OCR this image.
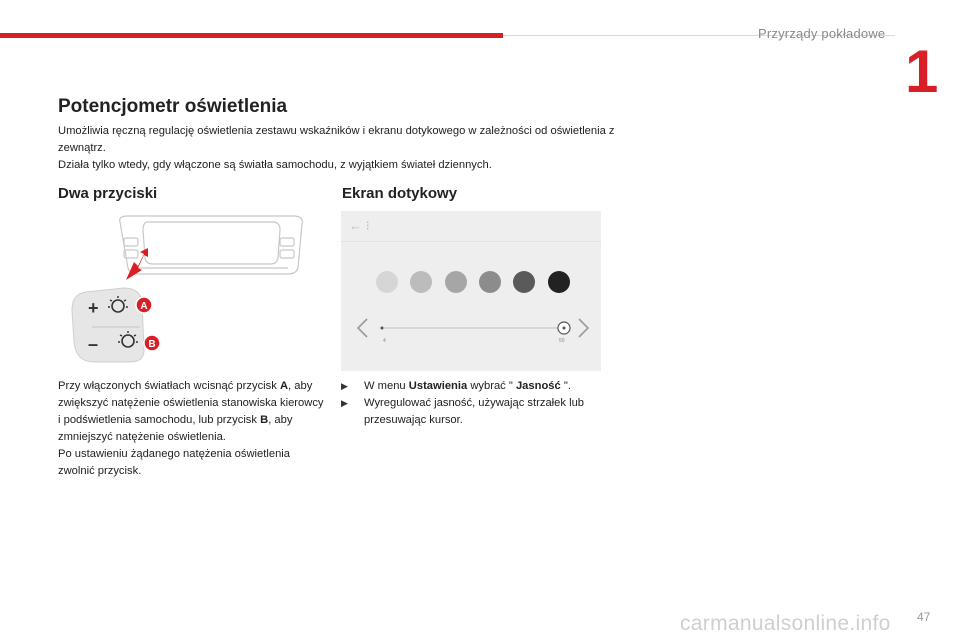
Przyrządy pokładowe
1
Potencjometr oświetlenia

Umożliwia ręczną regulację oświetlenia zestawu wskaźników i ekranu dotykowego w zależności od oświetlenia z zewnątrz.
Działa tylko wtedy, gdy włączone są światła samochodu, z wyjątkiem świateł dziennych.

Dwa przyciski	Ekran dotykowy
+
–
A
B
← ⁝
4	50
Przy włączonych światłach wcisnąć przycisk A, aby zwiększyć natężenie oświetlenia stanowiska kierowcy i podświetlenia samochodu, lub przycisk B, aby zmniejszyć natężenie oświetlenia.
Po ustawieniu żądanego natężenia oświetlenia zwolnić przycisk.
▶ W menu Ustawienia wybrać " Jasność ".
▶ Wyregulować jasność, używając strzałek lub przesuwając kursor.
carmanualsonline.info 47
